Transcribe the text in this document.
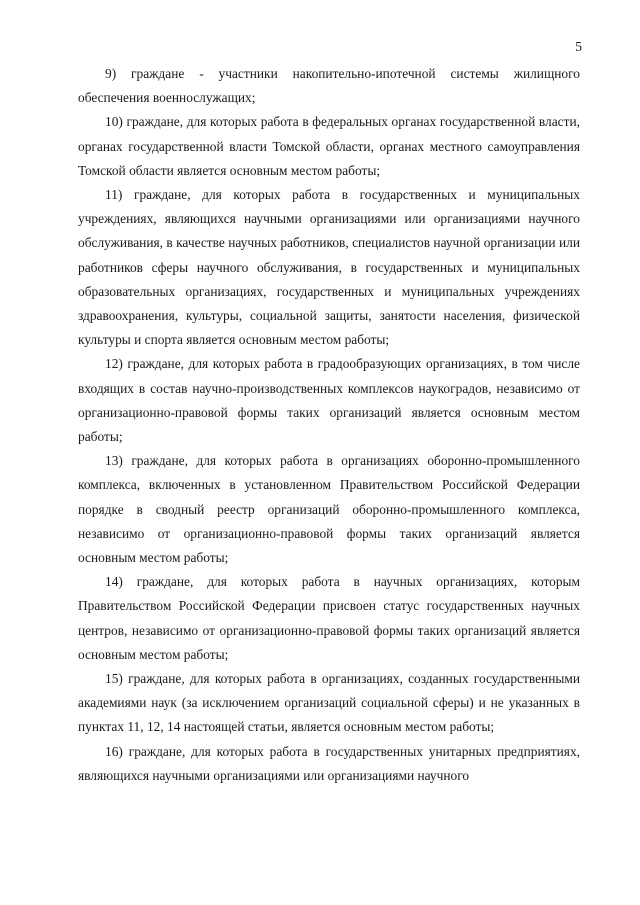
5

9) граждане - участники накопительно-ипотечной системы жилищного обеспечения военнослужащих;

10) граждане, для которых работа в федеральных органах государственной власти, органах государственной власти Томской области, органах местного самоуправления Томской области является основным местом работы;

11) граждане, для которых работа в государственных и муниципальных учреждениях, являющихся научными организациями или организациями научного обслуживания, в качестве научных работников, специалистов научной организации или работников сферы научного обслуживания, в государственных и муниципальных образовательных организациях, государственных и муниципальных учреждениях здравоохранения, культуры, социальной защиты, занятости населения, физической культуры и спорта является основным местом работы;

12) граждане, для которых работа в градообразующих организациях, в том числе входящих в состав научно-производственных комплексов наукоградов, независимо от организационно-правовой формы таких организаций является основным местом работы;

13) граждане, для которых работа в организациях оборонно-промышленного комплекса, включенных в установленном Правительством Российской Федерации порядке в сводный реестр организаций оборонно-промышленного комплекса, независимо от организационно-правовой формы таких организаций является основным местом работы;

14) граждане, для которых работа в научных организациях, которым Правительством Российской Федерации присвоен статус государственных научных центров, независимо от организационно-правовой формы таких организаций является основным местом работы;

15) граждане, для которых работа в организациях, созданных государственными академиями наук (за исключением организаций социальной сферы) и не указанных в пунктах 11, 12, 14 настоящей статьи, является основным местом работы;

16) граждане, для которых работа в государственных унитарных предприятиях, являющихся научными организациями или организациями научного
